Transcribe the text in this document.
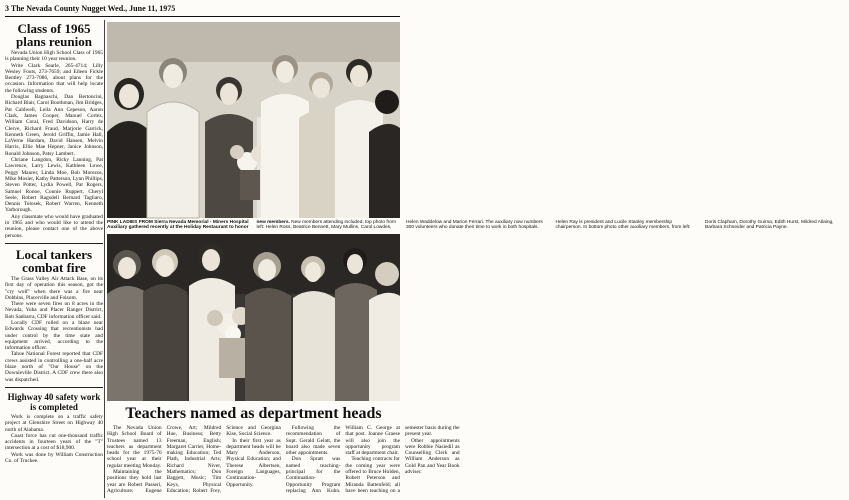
3 The Nevada County Nugget Wed., June 11, 1975
Class of 1965 plans reunion

Nevada Union High School Class of 1965 is planning their 10 year reunion.

Write Clark Searle, 265-4714; Lilly Wesley Fouts, 273-7659; and Eileen Fickle Bentley 273-7086, about plans for the occasion. Information that will help locate the following students.

Douglas Bagnaschi, Dan Bertoncini, Richard Blair, Carol Boothman, Jim Bridges, Pat Caldwell, Leila Ann Cepeson, Aaron Clark, James Cooper, Manuel Cortez, William Coral, Fred Davidson, Harry de Clerve, Richard Fraud, Marjorie Garrick, Kenneth Green, Jerold Griffin, Jamie Hall, LaVerne Hardam, David Hansen, Melvin Harris, Ellie Mae Hepner, Janice Johnson, Ronald Johnson, Patsy Lambert.

Chriane Langdon, Ricky Lanning, Pat Lawrence, Larry Lewis, Kathleen Lowe, Peggy Maurer, Linda Moe, Bob Morezos, Mike Mosier, Kathy Patterson, Lynn Phillips, Steven Potter, Lydia Powell, Pat Rogers, Samuel Ronoe, Connie Ruppert, Cheryl Seele, Robert Ragsdell Bernard Tagliaro, Dennis Tolosek, Robert Warren, Kenneth Yarborough.

Any classmate who would have graduated in 1965 and who would like to attend the reunion, please contact one of the above persons.

Local tankers combat fire

The Grass Valley Air Attack Base, on its first day of operation this season, got the "cry wolf" when there was a fire near Dobbins, Placerville and Folsom.

There were seven fires on 8 acres in the Nevada, Yuba and Placer Ranger District, Bob Sanbarra, CDF information officer said.

Locally CDF rolled on a blaze near Edwards Crossing that recreationists had under control by the time state and equipment arrived, according to the information officer.

Tahoe National Forest reported that CDF crews assisted in controlling a one-half acre blaze north of "Our House" on the Downieville District. A CDF crew there also was dispatched.

Highway 40 safety work is completed

Work is complete on a traffic safety project at Glenshire Street on Highway 40 north of Alabama.

Coast force has cut one-thousand traffic accidents in fourteen years of the "T" intersection at a cost of $18,900.

Work was done by William Construction Co. of Truckee.

PINK LADIES FROM Sierra Nevada Memorial - Miners Hospital Auxiliary gathered recently at the Holiday Restaurant to honor new members. New members attending included, top photo from left: Helen Ross, Beatrice Bennett, Mary Mullins, Carol Lowdes, Helen Waddelow and Marion Ferrari. The auxiliary now numbers 300 volunteers who donate their time to work in both hospitals. Helen Ray is president and Lucile Stanley membership chairperson. In bottom photo other auxiliary members, from left: Doris Clapham, Dorothy Guirna, Edith Hurst, Mildred Allaing, Barbara Schneider and Patricia Payne.
Teachers named as department heads

The Nevada Union High School Board of Trustees named 13 teachers as department heads for the 1975-76 school year at their regular meeting Monday.

Maintaining the positions they hold last year are Robert Passeri, Agriculture; Eugene Crowe, Art; Mildred Hue, Business; Betty Freeman, English; Margaret Carrier, Home-making Education; Ted Plath, Industrial Arts; Richard Niver, Mathematics; Don Baggett, Music; Tim Keys, Physical Education; Robert Frey, Science and Georgina Kise, Social Science.

In their first year as department heads will be Mary Anderson, Physical Education; and Therese Albertsen, Foreign Languages, Continuation-Opportunity.

Following the recommendation of Supt. Gerald Gelatt, the board also made seven other appointments.

Don Spratt was named teaching-principal for the Continuation-Opportunity Program replacing Ann Kuhn. William C. George at that post. Joanne Graese will also join the opportunity program staff at department chair.

Teaching contracts for the coming year were offered to Bruce Holden, Robert Peterson and Miranda Battenfeld; all have been teaching on a semester basis during the present year.

Other appointments were Robbie Nasiedil as Counselling Clerk and William Anderson as Gold Pan and Year Book adviser.
